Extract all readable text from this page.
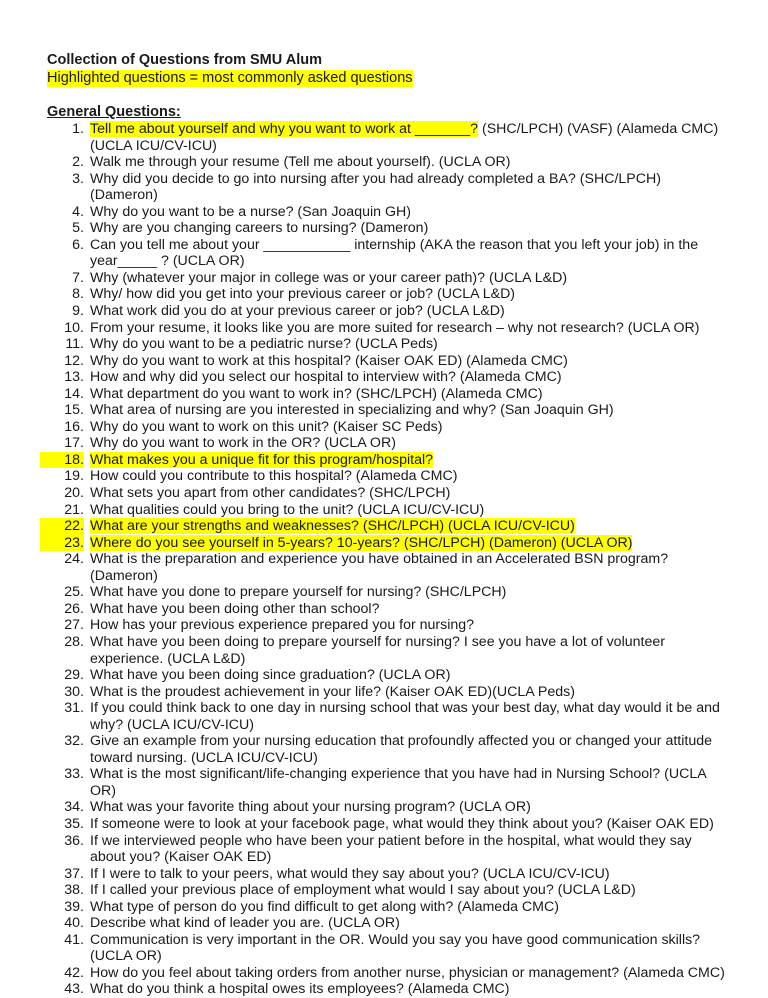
Collection of Questions from SMU Alum
Highlighted questions = most commonly asked questions
General Questions:
1. Tell me about yourself and why you want to work at _______? (SHC/LPCH) (VASF) (Alameda CMC) (UCLA ICU/CV-ICU)
2. Walk me through your resume (Tell me about yourself). (UCLA OR)
3. Why did you decide to go into nursing after you had already completed a BA? (SHC/LPCH) (Dameron)
4. Why do you want to be a nurse? (San Joaquin GH)
5. Why are you changing careers to nursing? (Dameron)
6. Can you tell me about your ___________ internship (AKA the reason that you left your job) in the year_____ ? (UCLA OR)
7. Why (whatever your major in college was or your career path)? (UCLA L&D)
8. Why/ how did you get into your previous career or job? (UCLA L&D)
9. What work did you do at your previous career or job? (UCLA L&D)
10. From your resume, it looks like you are more suited for research – why not research? (UCLA OR)
11. Why do you want to be a pediatric nurse? (UCLA Peds)
12. Why do you want to work at this hospital? (Kaiser OAK ED) (Alameda CMC)
13. How and why did you select our hospital to interview with? (Alameda CMC)
14. What department do you want to work in? (SHC/LPCH) (Alameda CMC)
15. What area of nursing are you interested in specializing and why? (San Joaquin GH)
16. Why do you want to work on this unit? (Kaiser SC Peds)
17. Why do you want to work in the OR? (UCLA OR)
18. What makes you a unique fit for this program/hospital?
19. How could you contribute to this hospital? (Alameda CMC)
20. What sets you apart from other candidates? (SHC/LPCH)
21. What qualities could you bring to the unit? (UCLA ICU/CV-ICU)
22. What are your strengths and weaknesses? (SHC/LPCH) (UCLA ICU/CV-ICU)
23. Where do you see yourself in 5-years? 10-years? (SHC/LPCH) (Dameron) (UCLA OR)
24. What is the preparation and experience you have obtained in an Accelerated BSN program? (Dameron)
25. What have you done to prepare yourself for nursing? (SHC/LPCH)
26. What have you been doing other than school?
27. How has your previous experience prepared you for nursing?
28. What have you been doing to prepare yourself for nursing? I see you have a lot of volunteer experience. (UCLA L&D)
29. What have you been doing since graduation? (UCLA OR)
30. What is the proudest achievement in your life? (Kaiser OAK ED)(UCLA Peds)
31. If you could think back to one day in nursing school that was your best day, what day would it be and why? (UCLA ICU/CV-ICU)
32. Give an example from your nursing education that profoundly affected you or changed your attitude toward nursing. (UCLA ICU/CV-ICU)
33. What is the most significant/life-changing experience that you have had in Nursing School? (UCLA OR)
34. What was your favorite thing about your nursing program? (UCLA OR)
35. If someone were to look at your facebook page, what would they think about you? (Kaiser OAK ED)
36. If we interviewed people who have been your patient before in the hospital, what would they say about you? (Kaiser OAK ED)
37. If I were to talk to your peers, what would they say about you? (UCLA ICU/CV-ICU)
38. If I called your previous place of employment what would I say about you? (UCLA L&D)
39. What type of person do you find difficult to get along with? (Alameda CMC)
40. Describe what kind of leader you are. (UCLA OR)
41. Communication is very important in the OR. Would you say you have good communication skills? (UCLA OR)
42. How do you feel about taking orders from another nurse, physician or management? (Alameda CMC)
43. What do you think a hospital owes its employees? (Alameda CMC)
